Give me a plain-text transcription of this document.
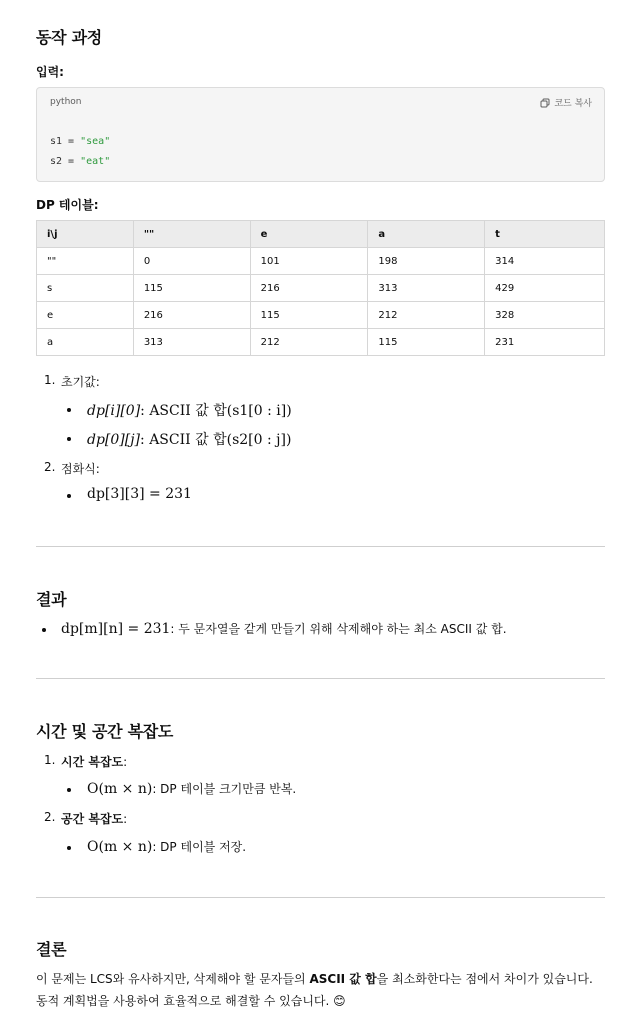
동작 과정
입력:
python	코드 복사
s1 = "sea"
s2 = "eat"
DP 테이블:
i\j	""	e	a	t
""	0	101	198	314
s	115	216	313	429
e	216	115	212	328
a	313	212	115	231
1. 초기값:
dp[i][0] : ASCII 값 합(s1[0 : i])
dp[0][j] : ASCII 값 합(s2[0 : j])
2. 점화식:
dp[3][3] = 231
결과
dp[m][n] = 231 : 두 문자열을 같게 만들기 위해 삭제해야 하는 최소 ASCII 값 합.
시간 및 공간 복잡도
1. 시간 복잡도:
O(m × n) : DP 테이블 크기만큼 반복.
2. 공간 복잡도:
O(m × n) : DP 테이블 저장.
결론
이 문제는 LCS와 유사하지만, 삭제해야 할 문자들의 ASCII 값 합을 최소화한다는 점에서 차이가 있습니다. 동적 계획법을 사용하여 효율적으로 해결할 수 있습니다. 😊
